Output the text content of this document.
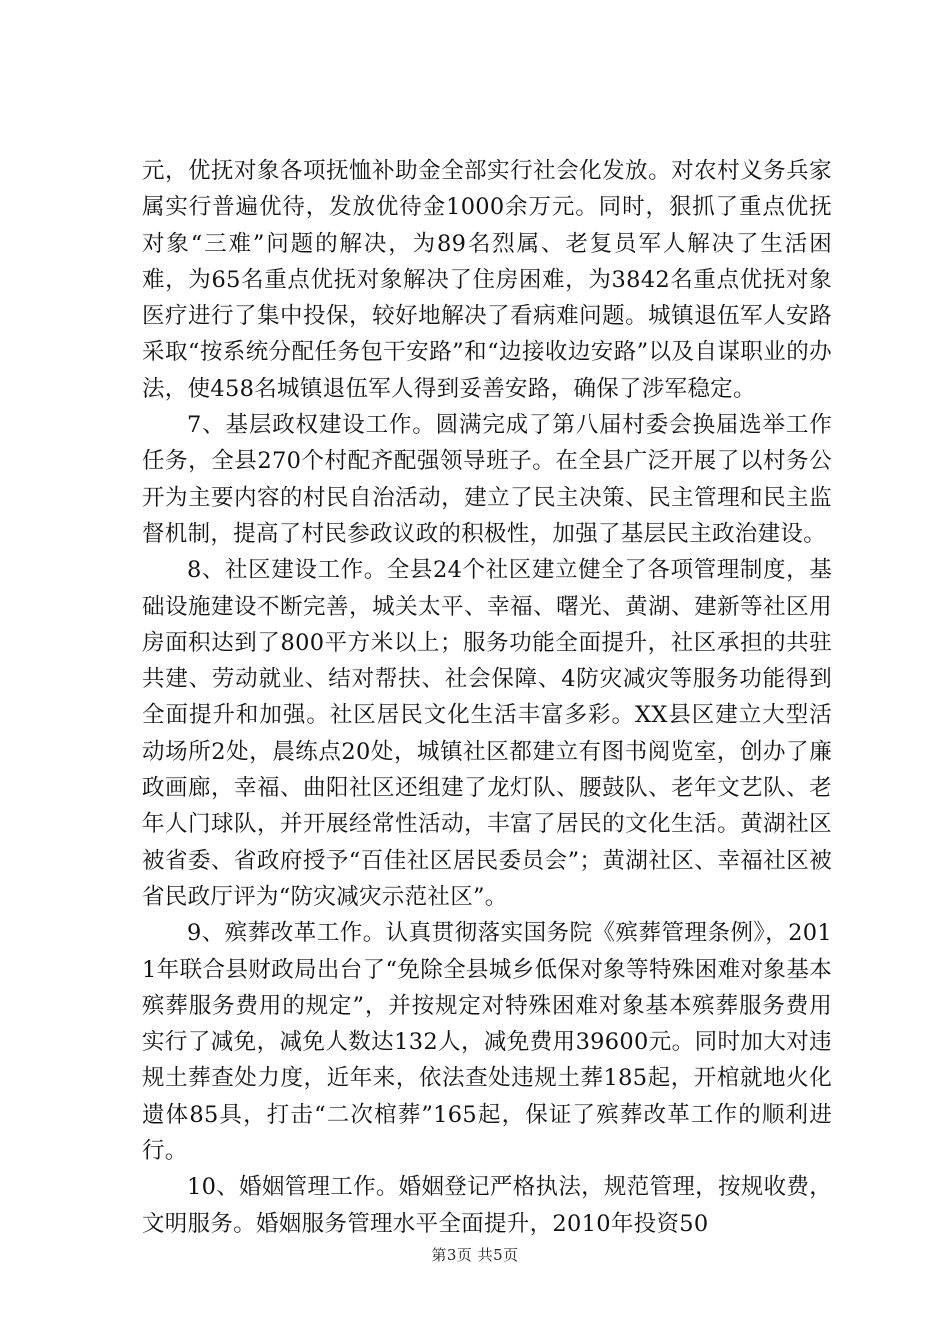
元，优抚对象各项抚恤补助金全部实行社会化发放。对农村义务兵家属实行普遍优待，发放优待金1000余万元。同时，狠抓了重点优抚对象“三难”问题的解决，为89名烈属、老复员军人解决了生活困难，为65名重点优抚对象解决了住房困难，为3842名重点优抚对象医疗进行了集中投保，较好地解决了看病难问题。城镇退伍军人安路采取“按系统分配任务包干安路”和“边接收边安路”以及自谋职业的办法，使458名城镇退伍军人得到妥善安路，确保了涉军稳定。

7、基层政权建设工作。圆满完成了第八届村委会换届选举工作任务，全县270个村配齐配强领导班子。在全县广泛开展了以村务公开为主要内容的村民自治活动，建立了民主决策、民主管理和民主监督机制，提高了村民参政议政的积极性，加强了基层民主政治建设。

8、社区建设工作。全县24个社区建立健全了各项管理制度，基础设施建设不断完善，城关太平、幸福、曙光、黄湖、建新等社区用房面积达到了800平方米以上；服务功能全面提升，社区承担的共驻共建、劳动就业、结对帮扶、社会保障、4防灾减灾等服务功能得到全面提升和加强。社区居民文化生活丰富多彩。XX县区建立大型活动场所2处，晨练点20处，城镇社区都建立有图书阅览室，创办了廉政画廊，幸福、曲阳社区还组建了龙灯队、腰鼓队、老年文艺队、老年人门球队，并开展经常性活动，丰富了居民的文化生活。黄湖社区被省委、省政府授予“百佳社区居民委员会”；黄湖社区、幸福社区被省民政厅评为“防灾减灾示范社区”。

9、殡葬改革工作。认真贯彻落实国务院《殡葬管理条例》，2011年联合县财政局出台了“免除全县城乡低保对象等特殊困难对象基本殡葬服务费用的规定”，并按规定对特殊困难对象基本殡葬服务费用实行了减免，减免人数达132人，减免费用39600元。同时加大对违规土葬查处力度，近年来，依法查处违规土葬185起，开棺就地火化遗体85具，打击“二次棺葬”165起，保证了殡葬改革工作的顺利进行。

10、婚姻管理工作。婚姻登记严格执法，规范管理，按规收费，文明服务。婚姻服务管理水平全面提升，2010年投资50

第3页 共5页
